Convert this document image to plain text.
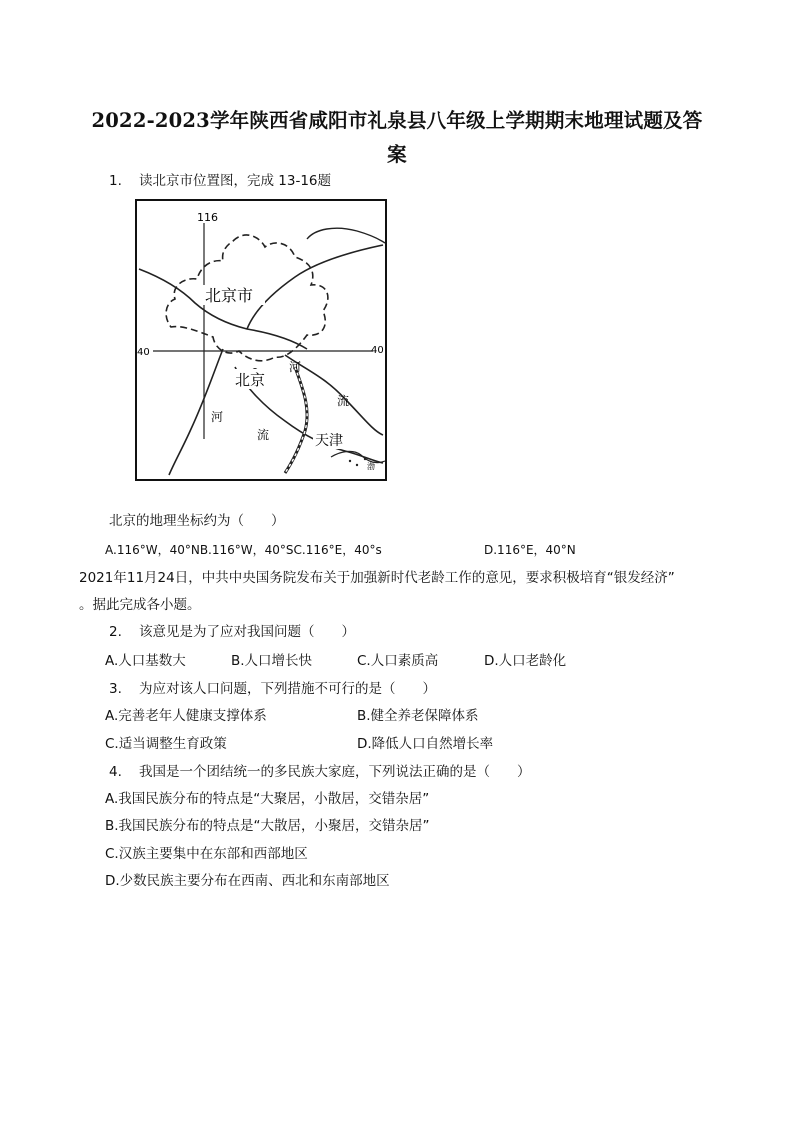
2022-2023学年陕西省咸阳市礼泉县八年级上学期期末地理试题及答
案
1. 读北京市位置图，完成 13-16题
116
40	40
北京市
北京
天津
河
流
河
流
渤
北京的地理坐标约为（　　）
A.116°W，40°NB.116°W，40°SC.116°E，40°s	D.116°E，40°N
2021年11月24日，中共中央国务院发布关于加强新时代老龄工作的意见，要求积极培育“银发经济”
。据此完成各小题。
2. 该意见是为了应对我国问题（　　）
A.人口基数大	B.人口增长快	C.人口素质高	D.人口老龄化
3. 为应对该人口问题，下列措施不可行的是（　　）
A.完善老年人健康支撑体系	B.健全养老保障体系
C.适当调整生育政策	D.降低人口自然增长率
4. 我国是一个团结统一的多民族大家庭，下列说法正确的是（　　）
A.我国民族分布的特点是“大聚居，小散居，交错杂居”
B.我国民族分布的特点是“大散居，小聚居，交错杂居”
C.汉族主要集中在东部和西部地区
D.少数民族主要分布在西南、西北和东南部地区
